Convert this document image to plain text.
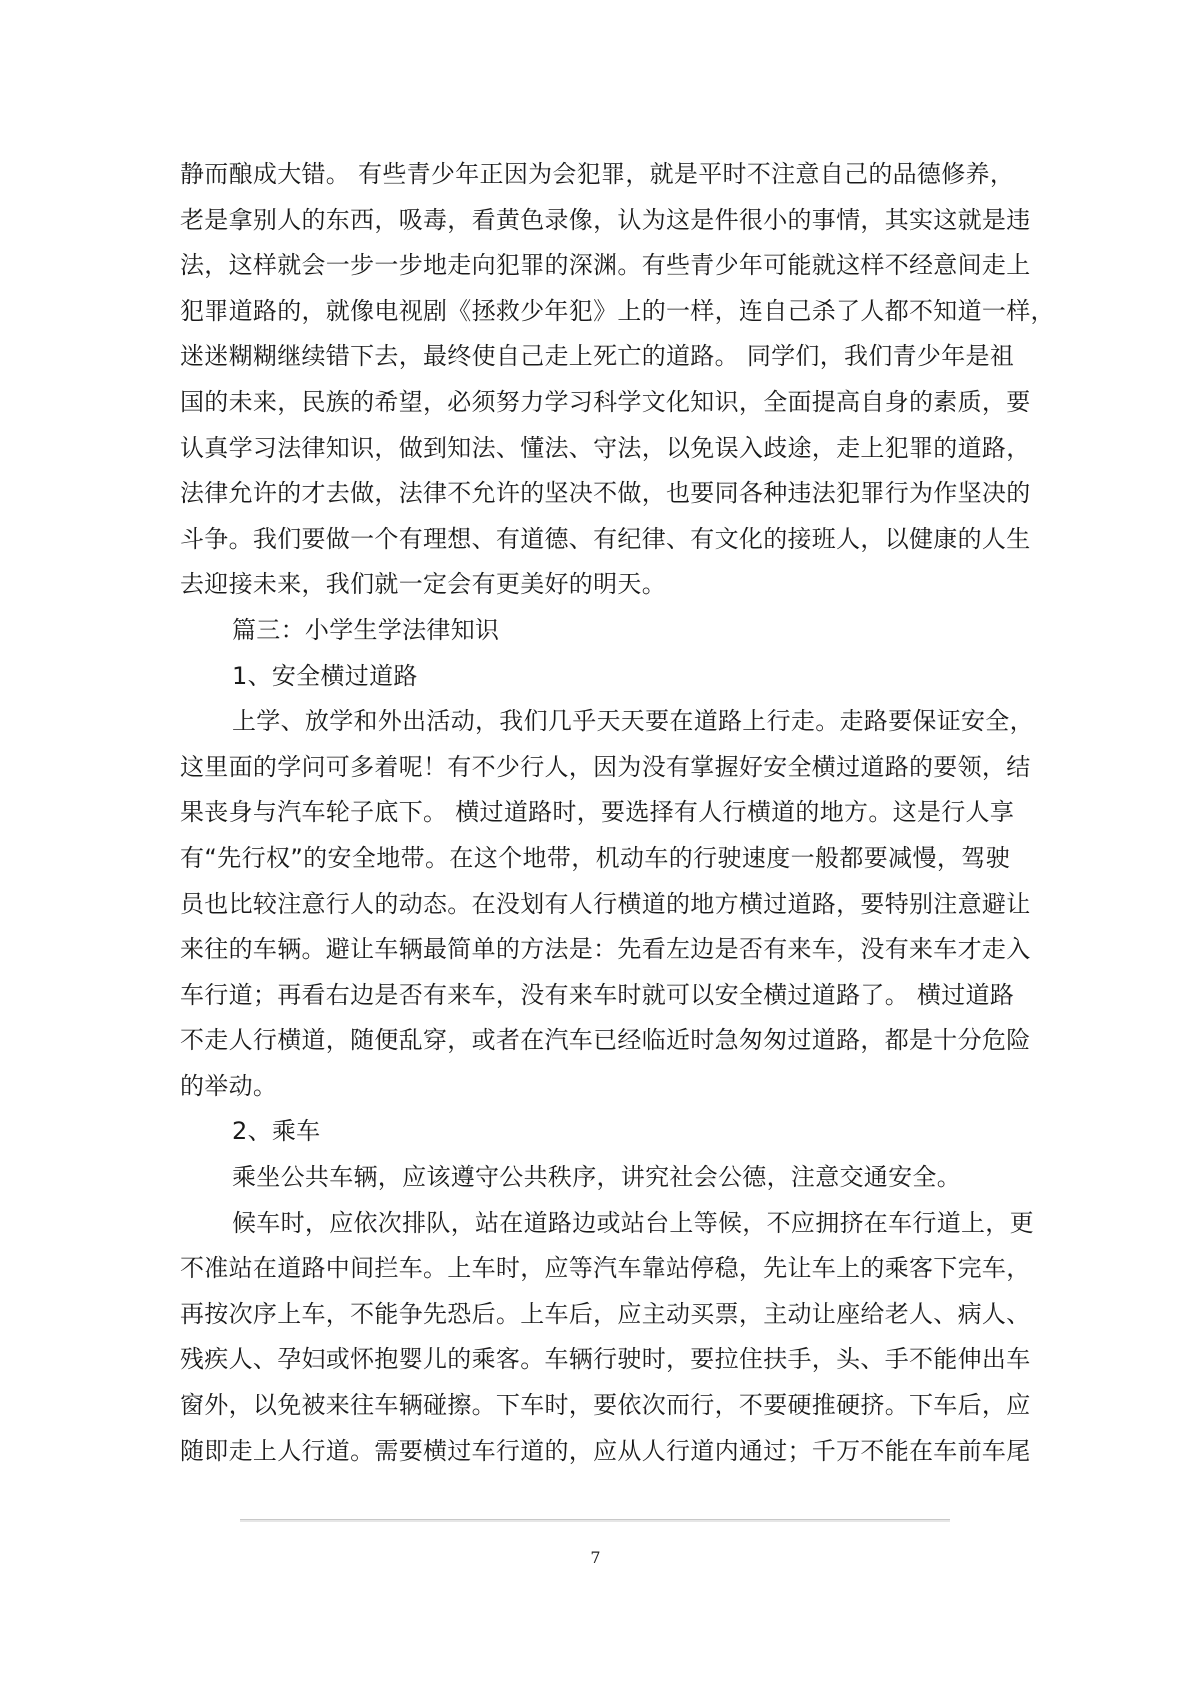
静而酿成大错。 有些青少年正因为会犯罪，就是平时不注意自己的品德修养，
老是拿别人的东西，吸毒，看黄色录像，认为这是件很小的事情，其实这就是违
法，这样就会一步一步地走向犯罪的深渊。有些青少年可能就这样不经意间走上
犯罪道路的，就像电视剧《拯救少年犯》上的一样，连自己杀了人都不知道一样，
迷迷糊糊继续错下去，最终使自己走上死亡的道路。 同学们，我们青少年是祖
国的未来，民族的希望，必须努力学习科学文化知识，全面提高自身的素质，要
认真学习法律知识，做到知法、懂法、守法，以免误入歧途，走上犯罪的道路，
法律允许的才去做，法律不允许的坚决不做，也要同各种违法犯罪行为作坚决的
斗争。我们要做一个有理想、有道德、有纪律、有文化的接班人，以健康的人生
去迎接未来，我们就一定会有更美好的明天。
篇三：小学生学法律知识
1、安全横过道路
上学、放学和外出活动，我们几乎天天要在道路上行走。走路要保证安全，
这里面的学问可多着呢！有不少行人，因为没有掌握好安全横过道路的要领，结
果丧身与汽车轮子底下。 横过道路时，要选择有人行横道的地方。这是行人享
有“先行权”的安全地带。在这个地带，机动车的行驶速度一般都要减慢，驾驶
员也比较注意行人的动态。在没划有人行横道的地方横过道路，要特别注意避让
来往的车辆。避让车辆最简单的方法是：先看左边是否有来车，没有来车才走入
车行道；再看右边是否有来车，没有来车时就可以安全横过道路了。 横过道路
不走人行横道，随便乱穿，或者在汽车已经临近时急匆匆过道路，都是十分危险
的举动。
2、乘车
乘坐公共车辆，应该遵守公共秩序，讲究社会公德，注意交通安全。
候车时，应依次排队，站在道路边或站台上等候，不应拥挤在车行道上，更
不准站在道路中间拦车。上车时，应等汽车靠站停稳，先让车上的乘客下完车，
再按次序上车，不能争先恐后。上车后，应主动买票，主动让座给老人、病人、
残疾人、孕妇或怀抱婴儿的乘客。车辆行驶时，要拉住扶手，头、手不能伸出车
窗外，以免被来往车辆碰擦。下车时，要依次而行，不要硬推硬挤。下车后，应
随即走上人行道。需要横过车行道的，应从人行道内通过；千万不能在车前车尾
7
